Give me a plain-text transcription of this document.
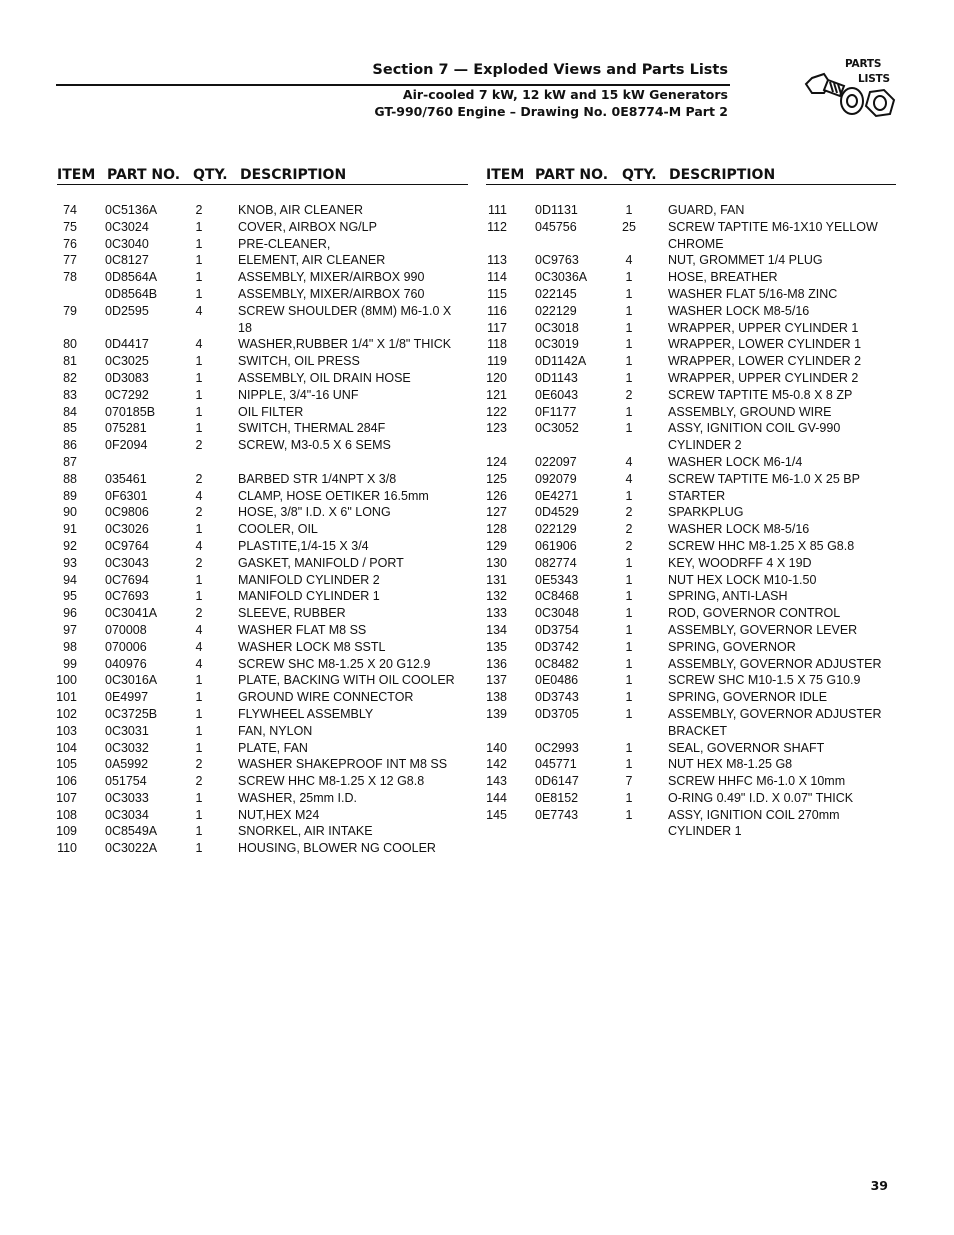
Section 7 — Exploded Views and Parts Lists
Air-cooled 7 kW, 12 kW and 15 kW Generators
GT-990/760 Engine – Drawing No. 0E8774-M Part 2
PARTS
LISTS
ITEM PART NO. QTY. DESCRIPTION	ITEM PART NO. QTY. DESCRIPTION
74 0C5136A	2	KNOB, AIR CLEANER
75 0C3024	1	COVER, AIRBOX NG/LP
76 0C3040	1	PRE-CLEANER,
77 0C8127	1	ELEMENT, AIR CLEANER
78 0D8564A	1	ASSEMBLY, MIXER/AIRBOX 990
0D8564B	1	ASSEMBLY, MIXER/AIRBOX 760
79 0D2595	4	SCREW SHOULDER (8MM) M6-1.0 X 18
80 0D4417	4	WASHER,RUBBER 1/4" X 1/8" THICK
81 0C3025	1	SWITCH, OIL PRESS
82 0D3083	1	ASSEMBLY, OIL DRAIN HOSE
83 0C7292	1	NIPPLE, 3/4"-16 UNF
84 070185B	1	OIL FILTER
85 075281	1	SWITCH, THERMAL 284F
86 0F2094	2	SCREW, M3-0.5 X 6 SEMS
87

88 035461	2	BARBED STR 1/4NPT X 3/8
89 0F6301	4	CLAMP, HOSE OETIKER 16.5mm
90 0C9806	2	HOSE, 3/8" I.D. X 6" LONG
91 0C3026	1	COOLER, OIL
92 0C9764	4	PLASTITE,1/4-15 X 3/4
93 0C3043	2	GASKET, MANIFOLD / PORT
94 0C7694	1	MANIFOLD CYLINDER 2
95 0C7693	1	MANIFOLD CYLINDER 1
96 0C3041A	2	SLEEVE, RUBBER
97 070008	4	WASHER FLAT M8 SS
98 070006	4	WASHER LOCK M8 SSTL
99 040976	4	SCREW SHC M8-1.25 X 20 G12.9
100 0C3016A	1	PLATE, BACKING WITH OIL COOLER
101 0E4997	1	GROUND WIRE CONNECTOR
102 0C3725B	1	FLYWHEEL ASSEMBLY
103 0C3031	1	FAN, NYLON
104 0C3032	1	PLATE, FAN
105 0A5992	2	WASHER SHAKEPROOF INT M8 SS
106 051754	2	SCREW HHC M8-1.25 X 12 G8.8
107 0C3033	1	WASHER, 25mm I.D.
108 0C3034	1	NUT,HEX M24
109 0C8549A	1	SNORKEL, AIR INTAKE
110 0C3022A	1	HOUSING, BLOWER NG COOLER
111 0D1131	1	GUARD, FAN
112 045756	25	SCREW TAPTITE M6-1X10 YELLOW CHROME
113 0C9763	4	NUT, GROMMET 1/4 PLUG
114 0C3036A	1	HOSE, BREATHER
115 022145	1	WASHER FLAT 5/16-M8 ZINC
116 022129	1	WASHER LOCK M8-5/16
117 0C3018	1	WRAPPER, UPPER CYLINDER 1
118 0C3019	1	WRAPPER, LOWER CYLINDER 1
119 0D1142A	1	WRAPPER, LOWER CYLINDER 2
120 0D1143	1	WRAPPER, UPPER CYLINDER 2
121 0E6043	2	SCREW TAPTITE M5-0.8 X 8 ZP
122 0F1177	1	ASSEMBLY, GROUND WIRE
123 0C3052	1	ASSY, IGNITION COIL GV-990 CYLINDER 2
124 022097	4	WASHER LOCK M6-1/4
125 092079	4	SCREW TAPTITE M6-1.0 X 25 BP
126 0E4271	1	STARTER
127 0D4529	2	SPARKPLUG
128 022129	2	WASHER LOCK M8-5/16
129 061906	2	SCREW HHC M8-1.25 X 85 G8.8
130 082774	1	KEY, WOODRFF 4 X 19D
131 0E5343	1	NUT HEX LOCK M10-1.50
132 0C8468	1	SPRING, ANTI-LASH
133 0C3048	1	ROD, GOVERNOR CONTROL
134 0D3754	1	ASSEMBLY, GOVERNOR LEVER
135 0D3742	1	SPRING, GOVERNOR
136 0C8482	1	ASSEMBLY, GOVERNOR ADJUSTER
137 0E0486	1	SCREW SHC M10-1.5 X 75 G10.9
138 0D3743	1	SPRING, GOVERNOR IDLE
139 0D3705	1	ASSEMBLY, GOVERNOR ADJUSTER BRACKET
140 0C2993	1	SEAL, GOVERNOR SHAFT
142 045771	1	NUT HEX M8-1.25 G8
143 0D6147	7	SCREW HHFC M6-1.0 X 10mm
144 0E8152	1	O-RING 0.49" I.D. X 0.07" THICK
145 0E7743	1	ASSY, IGNITION COIL 270mm CYLINDER 1
39
